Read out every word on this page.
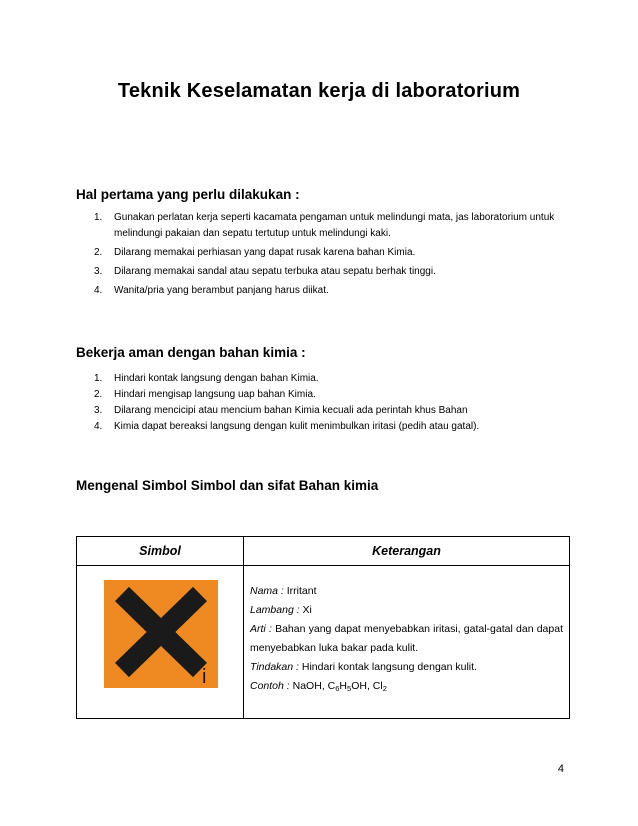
Teknik Keselamatan kerja di laboratorium

Hal pertama yang perlu dilakukan :

1.	Gunakan perlatan kerja seperti kacamata pengaman untuk melindungi mata, jas laboratorium untuk melindungi pakaian dan sepatu tertutup untuk melindungi kaki.
2.	Dilarang memakai perhiasan yang dapat rusak karena bahan Kimia.
3.	Dilarang memakai sandal atau sepatu terbuka atau sepatu berhak tinggi.
4.	Wanita/pria yang berambut panjang harus diikat.

Bekerja aman dengan bahan kimia :

1.	Hindari kontak langsung dengan bahan Kimia.
2.	Hindari mengisap langsung uap bahan Kimia.
3.	Dilarang mencicipi atau mencium bahan Kimia kecuali ada perintah khus Bahan
4.	Kimia dapat bereaksi langsung dengan kulit menimbulkan iritasi (pedih atau gatal).

Mengenal Simbol Simbol dan sifat Bahan kimia

Simbol	Keterangan

i	Nama : Irritant
Lambang : Xi
Arti : Bahan yang dapat menyebabkan iritasi, gatal-gatal dan dapat menyebabkan luka bakar pada kulit.
Tindakan : Hindari kontak langsung dengan kulit.
Contoh : NaOH, $C_6H_5OH$, $Cl_2$
4
